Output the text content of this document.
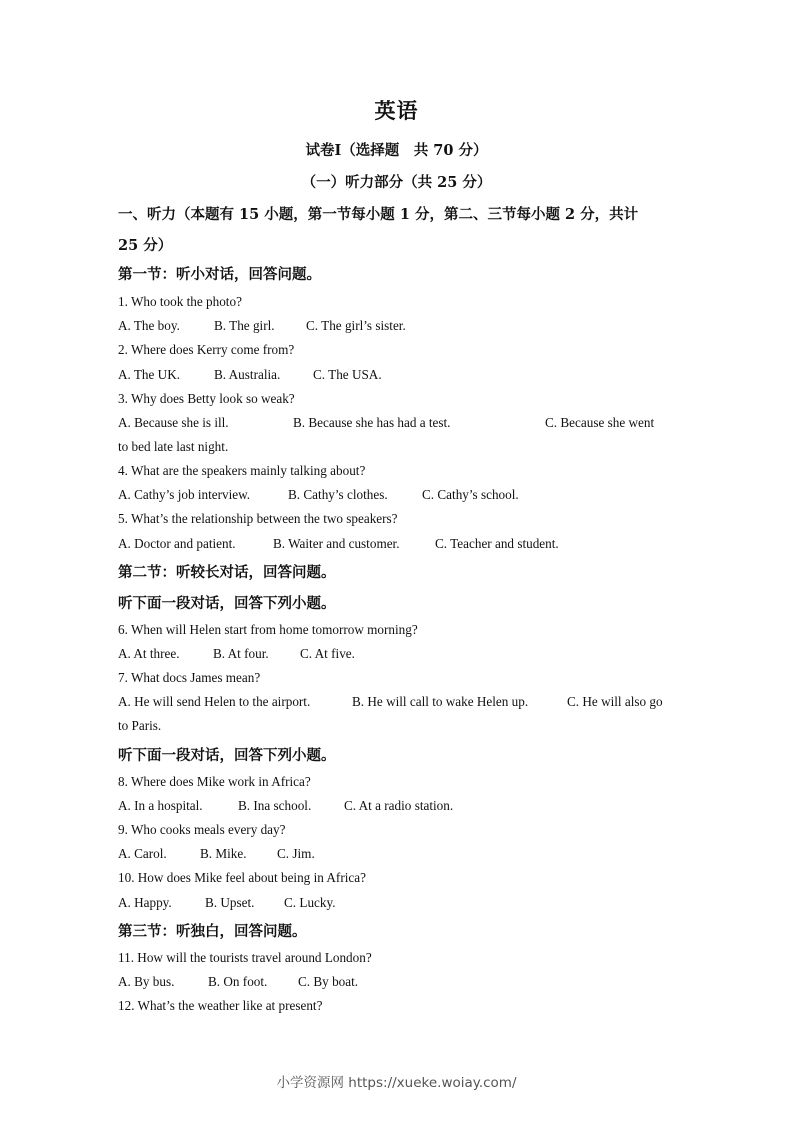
英语
试卷Ⅰ（选择题　共 70 分）
（一）听力部分（共 25 分）
一、听力（本题有 15 小题，第一节每小题 1 分，第二、三节每小题 2 分，共计
25 分）
第一节：听小对话，回答问题。
1. Who took the photo?
A. The boy.	B. The girl. C. The girl’s sister.
2. Where does Kerry come from?
A. The UK.	B. Australia. C. The USA.
3. Why does Betty look so weak?
A. Because she is ill.	B. Because she has had a test.	C. Because she went
to bed late last night.
4. What are the speakers mainly talking about?
A. Cathy’s job interview.	B. Cathy’s clothes.	C. Cathy’s school.
5. What’s the relationship between the two speakers?
A. Doctor and patient.	B. Waiter and customer.	C. Teacher and student.
第二节：听较长对话，回答问题。
听下面一段对话，回答下列小题。
6. When will Helen start from home tomorrow morning?
A. At three.	B. At four. C. At five.
7. What docs James mean?
A. He will send Helen to the airport.	B. He will call to wake Helen up.	C. He will also go
to Paris.
听下面一段对话，回答下列小题。
8. Where does Mike work in Africa?
A. In a hospital.	B. Ina school. C. At a radio station.
9. Who cooks meals every day?
A. Carol.	B. Mike. C. Jim.
10. How does Mike feel about being in Africa?
A. Happy.	B. Upset. C. Lucky.
第三节：听独白，回答问题。
11. How will the tourists travel around London?
A. By bus.	B. On foot. C. By boat.
12. What’s the weather like at present?
小学资源网 https://xueke.woiay.com/
